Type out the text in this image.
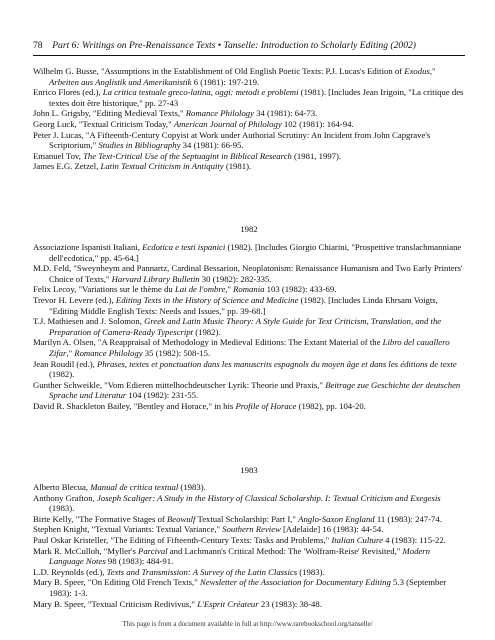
78 Part 6: Writings on Pre-Renaissance Texts • Tanselle: Introduction to Scholarly Editing (2002)

Wilhelm G. Busse, "Assumptions in the Establishment of Old English Poetic Texts: P.J. Lucas's Edition of Exodus," Arbeiten aus Anglistik und Amerikanistik 6 (1981): 197-219.

Enrico Flores (ed.), La critica testuale greco-latina, oggi: metodi e problemi (1981). [Includes Jean Irigoin, "La critique des textes doit être historique," pp. 27-43

John L. Grigsby, "Editing Medieval Texts," Romance Philology 34 (1981): 64-73.

Georg Luck, "Textual Criticism Today," American Journal of Philology 102 (1981): 164-94.

Peter J. Lucas, "A Fifteenth-Century Copyist at Work under Authorial Scrutiny: An Incident from John Capgrave's Scriptorium," Studies in Bibliography 34 (1981): 66-95.

Emanuel Tov, The Text-Critical Use of the Septuagint in Biblical Research (1981, 1997).

James E.G. Zetzel, Latin Textual Criticism in Antiquity (1981).

1982

Associazione Ispanisti Italiani, Ecdotica e testi ispanici (1982). [Includes Giorgio Chiarini, "Prospettive translachmanniane dell'ecdotica," pp. 45-64.]

M.D. Feld, "Sweynheym and Pannartz, Cardinal Bessarion, Neoplatonism: Renaissance Humanism and Two Early Printers' Choice of Texts," Harvard Library Bulletin 30 (1982): 282-335.

Felix Lecoy, "Variations sur le thème du Lai de l'ombre," Romania 103 (1982): 433-69.

Trevor H. Levere (ed.), Editing Texts in the History of Science and Medicine (1982). [Includes Linda Ehrsam Voigts, "Editing Middle English Texts: Needs and Issues," pp. 39-68.]

T.J. Mathiesen and J. Solomon, Greek and Latin Music Theory: A Style Guide for Text Criticism, Translation, and the Preparation of Camera-Ready Typescript (1982).

Marilyn A. Olsen, "A Reappraisal of Methodology in Medieval Editions: The Extant Material of the Libro del cauallero Zifar," Romance Philology 35 (1982): 508-15.

Jean Roudil (ed.), Phrases, textes et ponctuation dans les manuscrits espagnols du moyen âge et dans les éditions de texte (1982).

Gunther Schweikle, "Vom Edieren mittelhochdeutscher Lyrik: Theorie und Praxis," Beitrage zue Geschichte der deutschen Sprache und Literatur 104 (1982): 231-55.

David R. Shackleton Bailey, "Bentley and Horace," in his Profile of Horace (1982), pp. 104-20.

1983

Alberto Blecua, Manual de critica textual (1983).

Anthony Grafton, Joseph Scaliger: A Study in the History of Classical Scholarship. I: Textual Criticism and Exegesis (1983).

Birte Kelly, "The Formative Stages of Beowulf Textual Scholarship: Part I," Anglo-Saxon England 11 (1983): 247-74.

Stephen Knight, "Textual Variants: Textual Variance," Southern Review [Adelaide] 16 (1983): 44-54.

Paul Oskar Kristeller, "The Editing of Fifteenth-Century Texts: Tasks and Problems," Italian Culture 4 (1983): 115-22.

Mark R. McCulloh, "Myller's Parcival and Lachmann's Critical Method: The 'Wolfram-Reise' Revisited," Modern Language Notes 98 (1983): 484-91.

L.D. Reynolds (ed.), Texts and Transmission: A Survey of the Latin Classics (1983).

Mary B. Speer, "On Editing Old French Texts," Newsletter of the Association for Documentary Editing 5.3 (September 1983): 1-3.

Mary B. Speer, "Textual Criticism Redivivus," L'Esprit Créateur 23 (1983): 38-48.

This page is from a document available in full at http://www.rarebookschool.org/tanselle/
